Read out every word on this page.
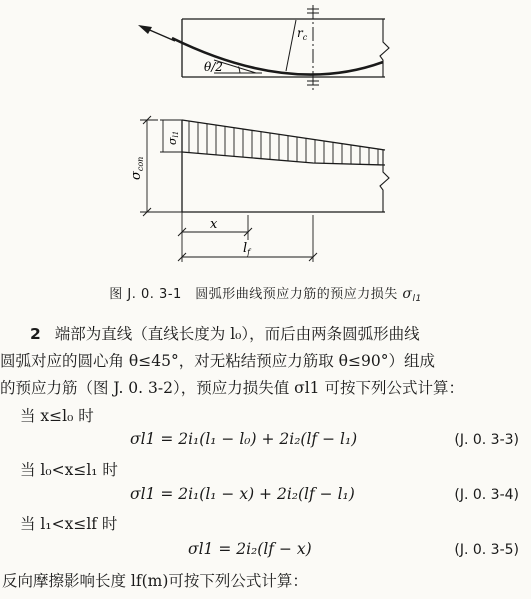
$r_c$
θ/2
σl1
$\sigma_{con}$
x
$l_f$
图 J. 0. 3-1　圆弧形曲线预应力筋的预应力损失 $\sigma_{l1}$
2 端部为直线（直线长度为 l₀），而后由两条圆弧形曲线
圆弧对应的圆心角 θ≤45°，对无粘结预应力筋取 θ≤90°）组成
的预应力筋（图 J. 0. 3-2），预应力损失值 σl1 可按下列公式计算：
当 x≤l₀ 时
σl1 = 2i₁(l₁ − l₀) + 2i₂(lf − l₁)	(J. 0. 3-3)
当 l₀<x≤l₁ 时
σl1 = 2i₁(l₁ − x) + 2i₂(lf − l₁)	(J. 0. 3-4)
当 l₁<x≤lf 时
σl1 = 2i₂(lf − x)	(J. 0. 3-5)
反向摩擦影响长度 lf(m)可按下列公式计算：
